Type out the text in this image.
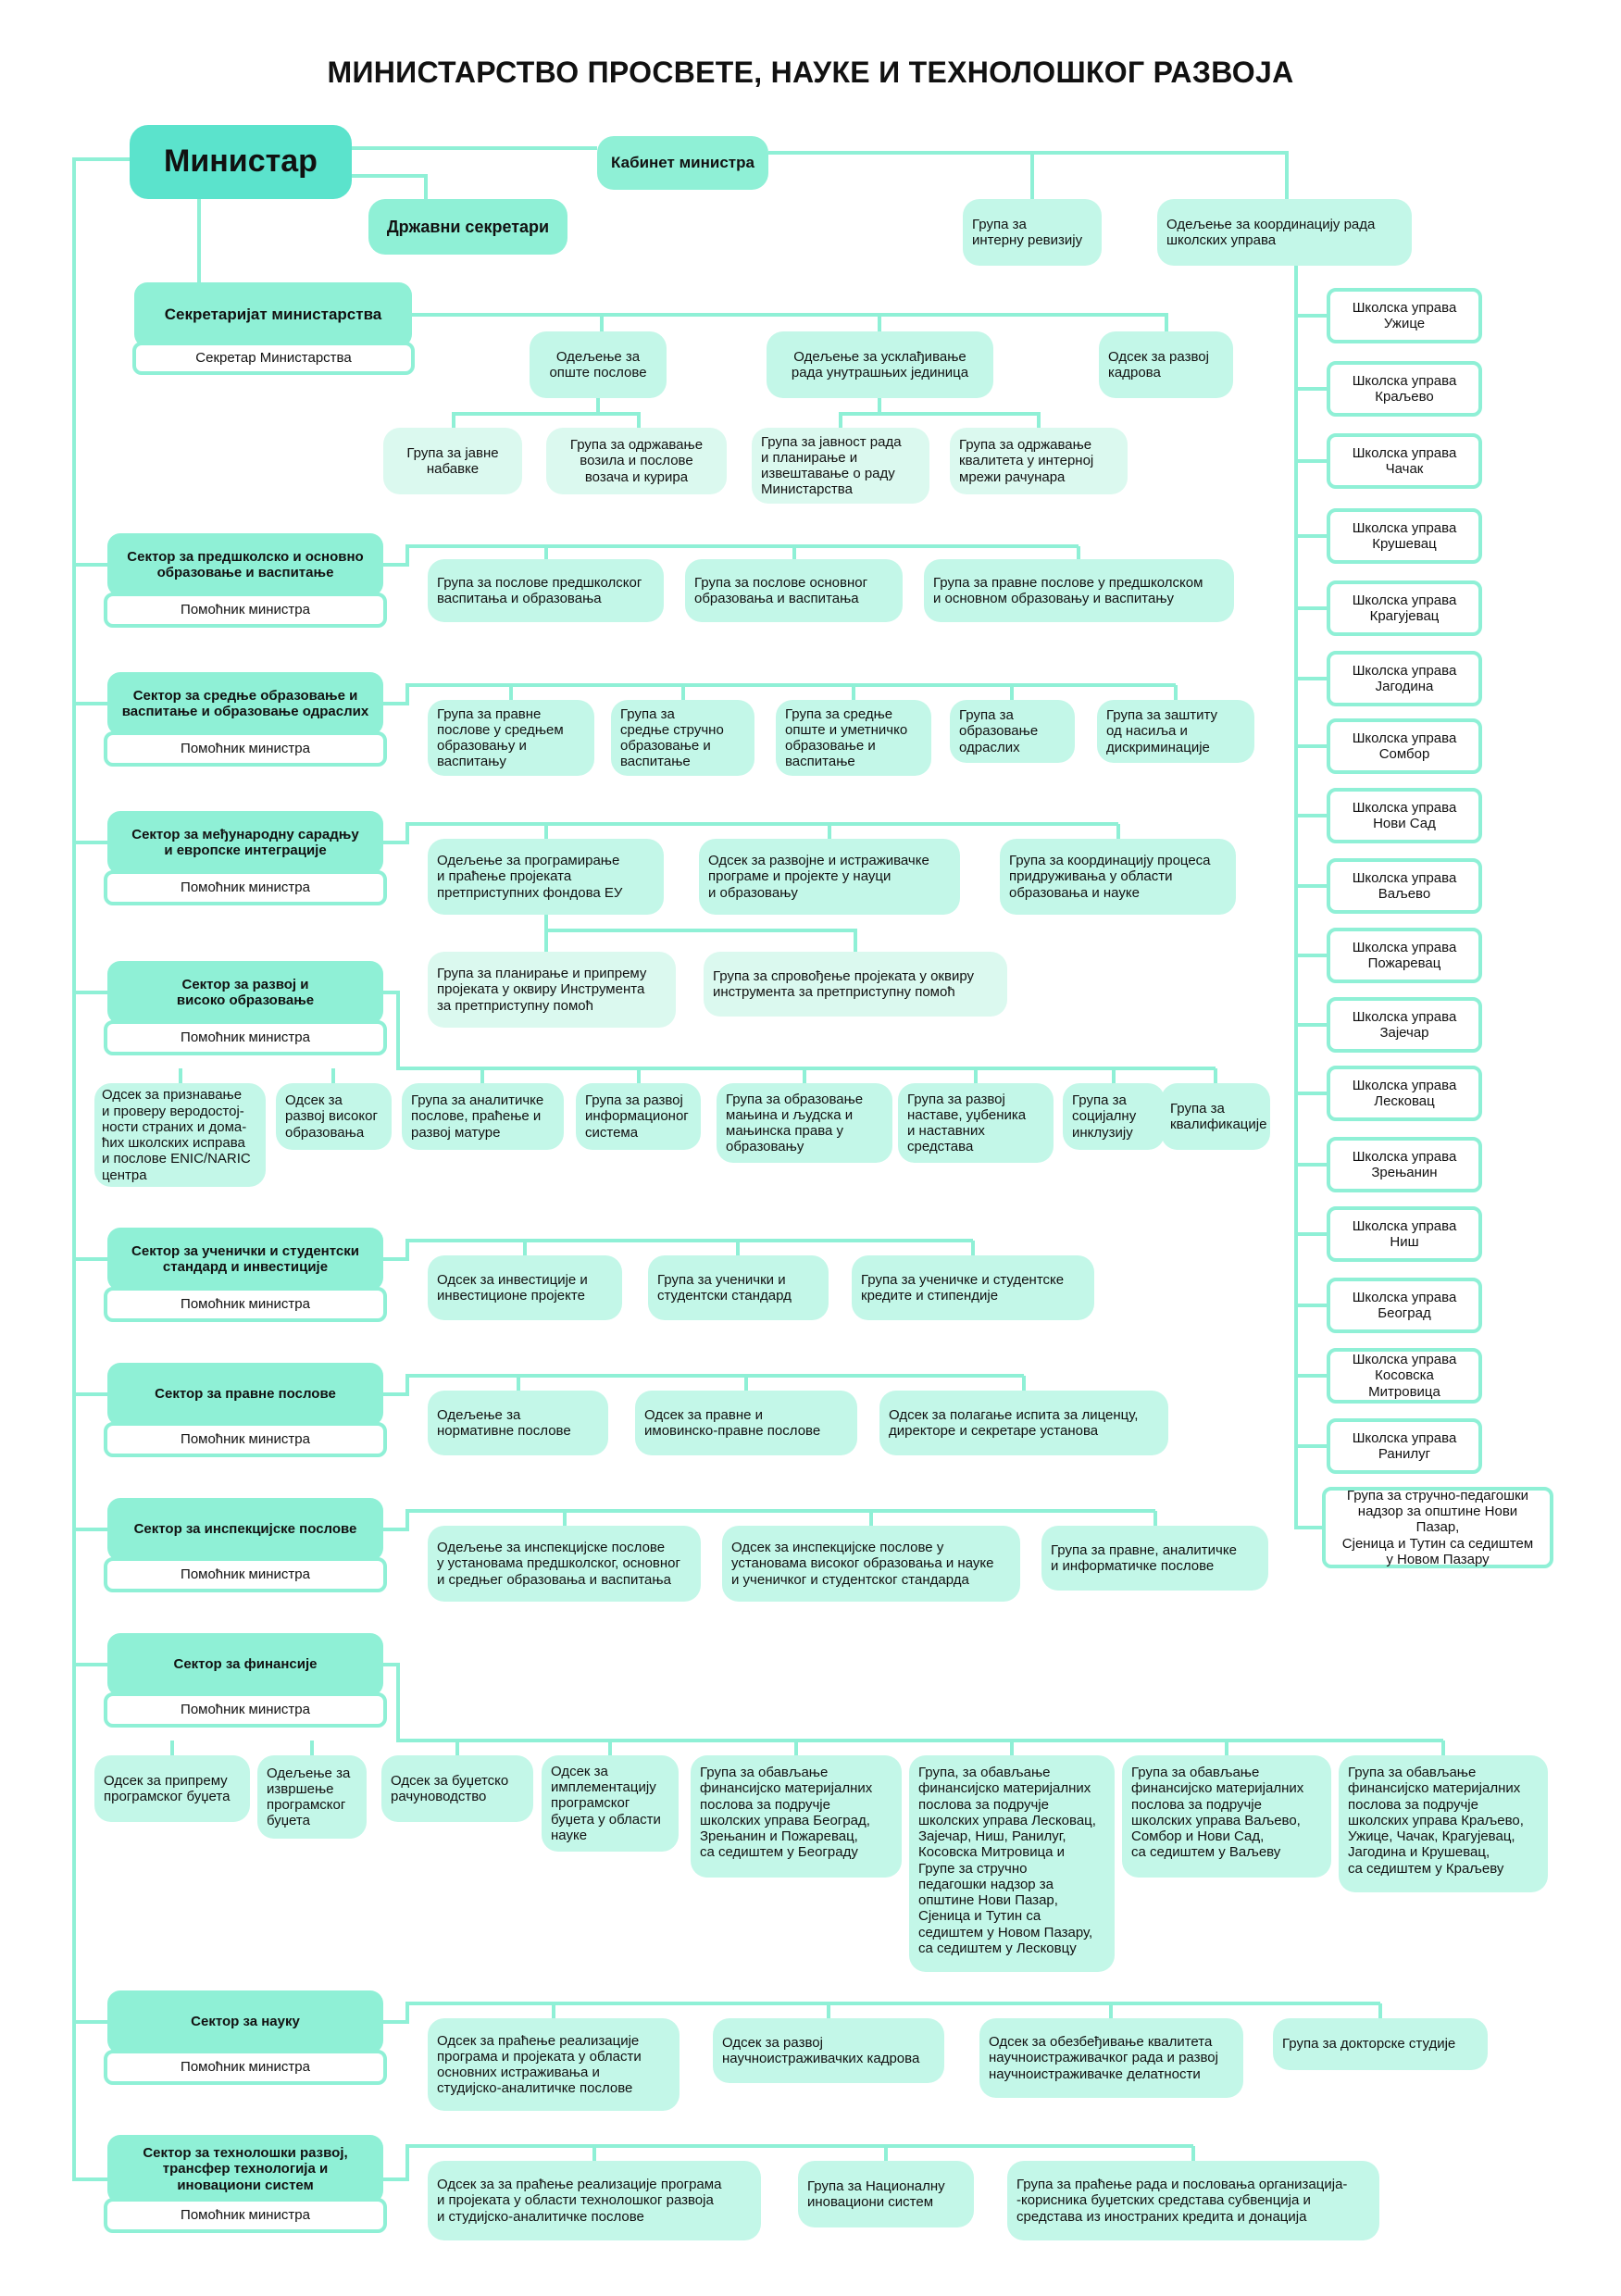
МИНИСТАРСТВО ПРОСВЕТЕ, НАУКЕ И ТЕХНОЛОШКОГ РАЗВОЈА
Министар	Кабинет министра
Државни секретари	Група за
интерну ревизију
Одељење за координацију рада
школских управа
Школска управа
Ужице
Школска управа
Краљево
Школска управа
Чачак
Школска управа
Крушевац
Школска управа
Крагујевац
Школска управа
Јагодина
Школска управа
Сомбор
Школска управа
Нови Сад
Школска управа
Ваљево
Школска управа
Пожаревац
Школска управа
Зајечар
Школска управа
Лесковац
Школска управа
Зрењанин
Школска управа
Ниш
Школска управа
Београд
Школска управа
Косовска Митровица
Школска управа
Ранилуг
Група за стручно-педагошки
надзор за општине Нови Пазар,
Сјеница и Тутин са седиштем
у Новом Пазару
Секретаријат министарства
Секретар Министарства	Одељење за
опште послове
Одељење за усклађивање
рада унутрашњих јединица
Одсек за развој
кадрова
Група за јавне
набавке
Група за одржавање
возила и послове
возача и курира
Група за јавност рада
и планирање и
извештавање о раду
Министарства
Група за одржавање
квалитета у интерној
мрежи рачунара
Сектор за предшколско и основно
образовање и васпитање
Помоћник министра
Група за послове предшколског
васпитања и образовања
Група за послове основног
образовања и васпитања
Група за правне послове у предшколском
и основном образовању и васпитању
Сектор за средње образовање и
васпитање и образовање одраслих
Помоћник министра
Група за правне
послове у средњем
образовању и
васпитању
Група за
средње стручно
образовање и
васпитање
Група за средње
опште и уметничко
образовање и
васпитање
Група за
образовање
одраслих
Група за заштиту
од насиља и
дискриминације
Сектор за међународну сарадњу
и европске интеграције
Помоћник министра
Одељење за програмирање
и праћење пројеката
претприступних фондова ЕУ
Одсек за развојне и истраживачке
програме и пројекте у науци
и образовању
Група за координацију процеса
придруживања у области
образовања и науке
Група за планирање и припрему
пројеката у оквиру Инструмента
за претприступну помоћ
Група за спровођење пројеката у оквиру
инструмента за претприступну помоћ
Сектор за развој и
високо образовање
Помоћник министра
Одсек за признавање
и проверу веродостој-
ности страних и дома-
ћих школских исправа
и послове ENIC/NARIC
центра
Одсек за
развој високог
образовања
Група за аналитичке
послове, праћење и
развој матуре
Група за развој
информационог
система
Група за образовање
мањина и људска и
мањинска права у
образовању
Група за развој
наставе, уџбеника
и наставних
средстава
Група за
социјалну
инклузију
Група за
квалификације
Сектор за ученички и студентски
стандард и инвестиције
Помоћник министра
Одсек за инвестиције и
инвестиционе пројекте
Група за ученички и
студентски стандард
Група за ученичке и студентске
кредите и стипендије
Сектор за правне послове
Помоћник министра
Одељење за
нормативне послове
Одсек за правне и
имовинско-правне послове
Одсек за полагање испита за лиценцу,
директоре и секретаре установа
Сектор за инспекцијске послове
Помоћник министра
Одељење за инспекцијске послове
у установама предшколског, основног
и средњег образовања и васпитања
Одсек за инспекцијске послове у
установама високог образовања и науке
и ученичког и студентског стандарда
Група за правне, аналитичке
и информатичке послове
Сектор за финансије
Помоћник министра
Одсек за припрему
програмског буџета
Одељење за
извршење
програмског
буџета
Одсек за буџетско
рачуноводство
Одсек за
имплементацију
програмског
буџета у области
науке
Група за обављање
финансијско материјалних
послова за подручје
школских управа Београд,
Зрењанин и Пожаревац,
са седиштем у Београду
Група, за обављање
финансијско материјалних
послова за подручје
школских управа Лесковац,
Зајечар, Ниш, Ранилуг,
Косовска Митровица и
Групе за стручно
педагошки надзор за
општине Нови Пазар,
Сјеница и Тутин са
седиштем у Новом Пазару,
са седиштем у Лесковцу
Група за обављање
финансијско материјалних
послова за подручје
школских управа Ваљево,
Сомбор и Нови Сад,
са седиштем у Ваљеву
Група за обављање
финансијско материјалних
послова за подручје
школских управа Краљево,
Ужице, Чачак, Крагујевац,
Јагодина и Крушевац,
са седиштем у Краљеву
Сектор за науку
Помоћник министра
Одсек за праћење реализације
програма и пројеката у области
основних истраживања и
студијско-аналитичке послове
Одсек за развој
научноистраживачких кадрова
Одсек за обезбеђивање квалитета
научноистраживачког рада и развој
научноистраживачке делатности
Група за докторске студије
Сектор за технолошки развој,
трансфер технологија и
иновациони систем
Помоћник министра
Одсек за за праћење реализације програма
и пројеката у области технолошког развоја
и студијско-аналитичке послове
Група за Националну
иновациони систем
Група за праћење рада и пословања организација-
-корисника буџетских средстава субвенција и
средстава из иностраних кредита и донација
